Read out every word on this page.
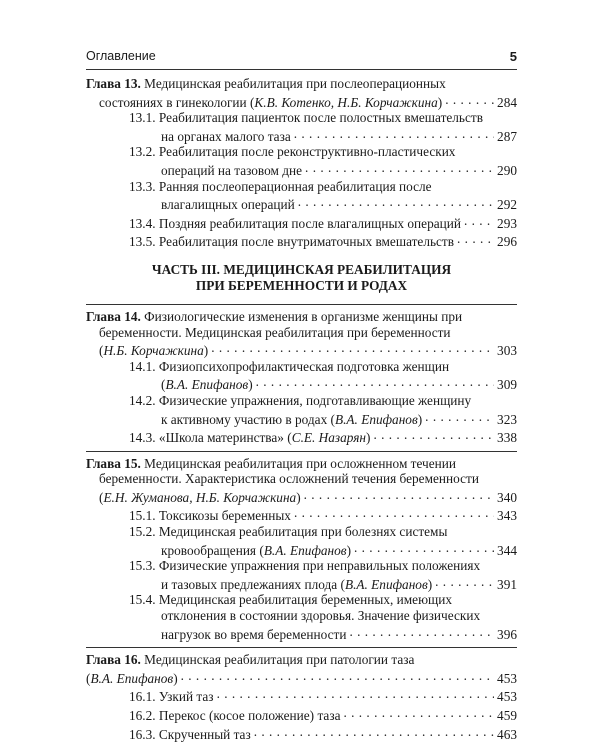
Оглавление	5
Глава 13. Медицинская реабилитация при послеоперационных
состояниях в гинекологии (К.В. Котенко, Н.Б. Корчажкина) . . .	284
13.1. Реабилитация пациенток после полостных вмешательств
на органах малого таза . . .	287
13.2. Реабилитация после реконструктивно-пластических
операций на тазовом дне . . .	290
13.3. Ранняя послеоперационная реабилитация после
влагалищных операций . . .	292
13.4. Поздняя реабилитация после влагалищных операций . . .	293
13.5. Реабилитация после внутриматочных вмешательств . . .	296
ЧАСТЬ III. МЕДИЦИНСКАЯ РЕАБИЛИТАЦИЯ
ПРИ БЕРЕМЕННОСТИ И РОДАХ
Глава 14. Физиологические изменения в организме женщины при
беременности. Медицинская реабилитация при беременности
(Н.Б. Корчажкина) . . .	303
14.1. Физиопсихопрофилактическая подготовка женщин
(В.А. Епифанов) . . .	309
14.2. Физические упражнения, подготавливающие женщину
к активному участию в родах (В.А. Епифанов) . . .	323
14.3. «Школа материнства» (С.Е. Назарян) . . .	338
Глава 15. Медицинская реабилитация при осложненном течении
беременности. Характеристика осложнений течения беременности
(Е.Н. Жуманова, Н.Б. Корчажкина) . . .	340
15.1. Токсикозы беременных . . .	343
15.2. Медицинская реабилитация при болезнях системы
кровообращения (В.А. Епифанов) . . .	344
15.3. Физические упражнения при неправильных положениях
и тазовых предлежаниях плода (В.А. Епифанов) . . .	391
15.4. Медицинская реабилитация беременных, имеющих
отклонения в состоянии здоровья. Значение физических
нагрузок во время беременности . . .	396
Глава 16. Медицинская реабилитация при патологии таза
(В.А. Епифанов) . . .	453
16.1. Узкий таз . . .	453
16.2. Перекос (косое положение) таза . . .	459
16.3. Скрученный таз . . .	463
